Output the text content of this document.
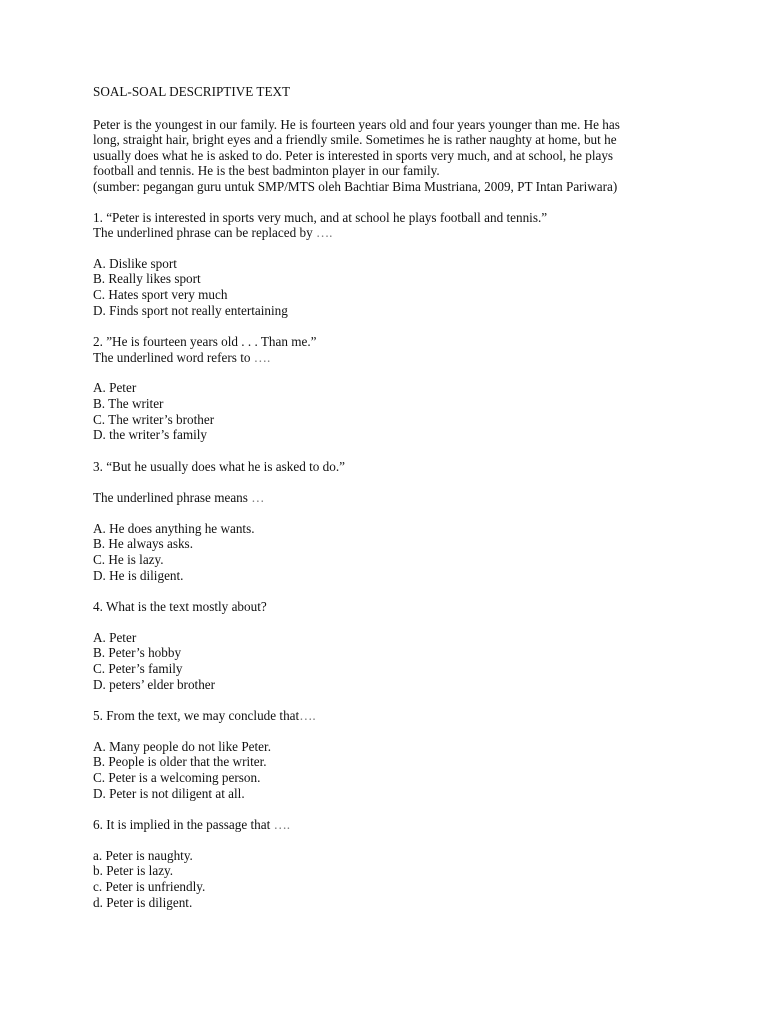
SOAL-SOAL DESCRIPTIVE TEXT
Peter is the youngest in our family. He is fourteen years old and four years younger than me. He has
long, straight hair, bright eyes and a friendly smile. Sometimes he is rather naughty at home, but he
usually does what he is asked to do. Peter is interested in sports very much, and at school, he plays
football and tennis. He is the best badminton player in our family.
(sumber: pegangan guru untuk SMP/MTS oleh Bachtiar Bima Mustriana, 2009, PT Intan Pariwara)
1. “Peter is interested in sports very much, and at school he plays football and tennis.”
The underlined phrase can be replaced by ….
A. Dislike sport
B. Really likes sport
C. Hates sport very much
D. Finds sport not really entertaining
2. ”He is fourteen years old . . . Than me.”
The underlined word refers to ….
A. Peter
B. The writer
C. The writer’s brother
D. the writer’s family
3. “But he usually does what he is asked to do.”
The underlined phrase means …
A. He does anything he wants.
B. He always asks.
C. He is lazy.
D. He is diligent.
4. What is the text mostly about?
A. Peter
B. Peter’s hobby
C. Peter’s family
D. peters’ elder brother
5. From the text, we may conclude that….
A. Many people do not like Peter.
B. People is older that the writer.
C. Peter is a welcoming person.
D. Peter is not diligent at all.
6. It is implied in the passage that ….
a. Peter is naughty.
b. Peter is lazy.
c. Peter is unfriendly.
d. Peter is diligent.
